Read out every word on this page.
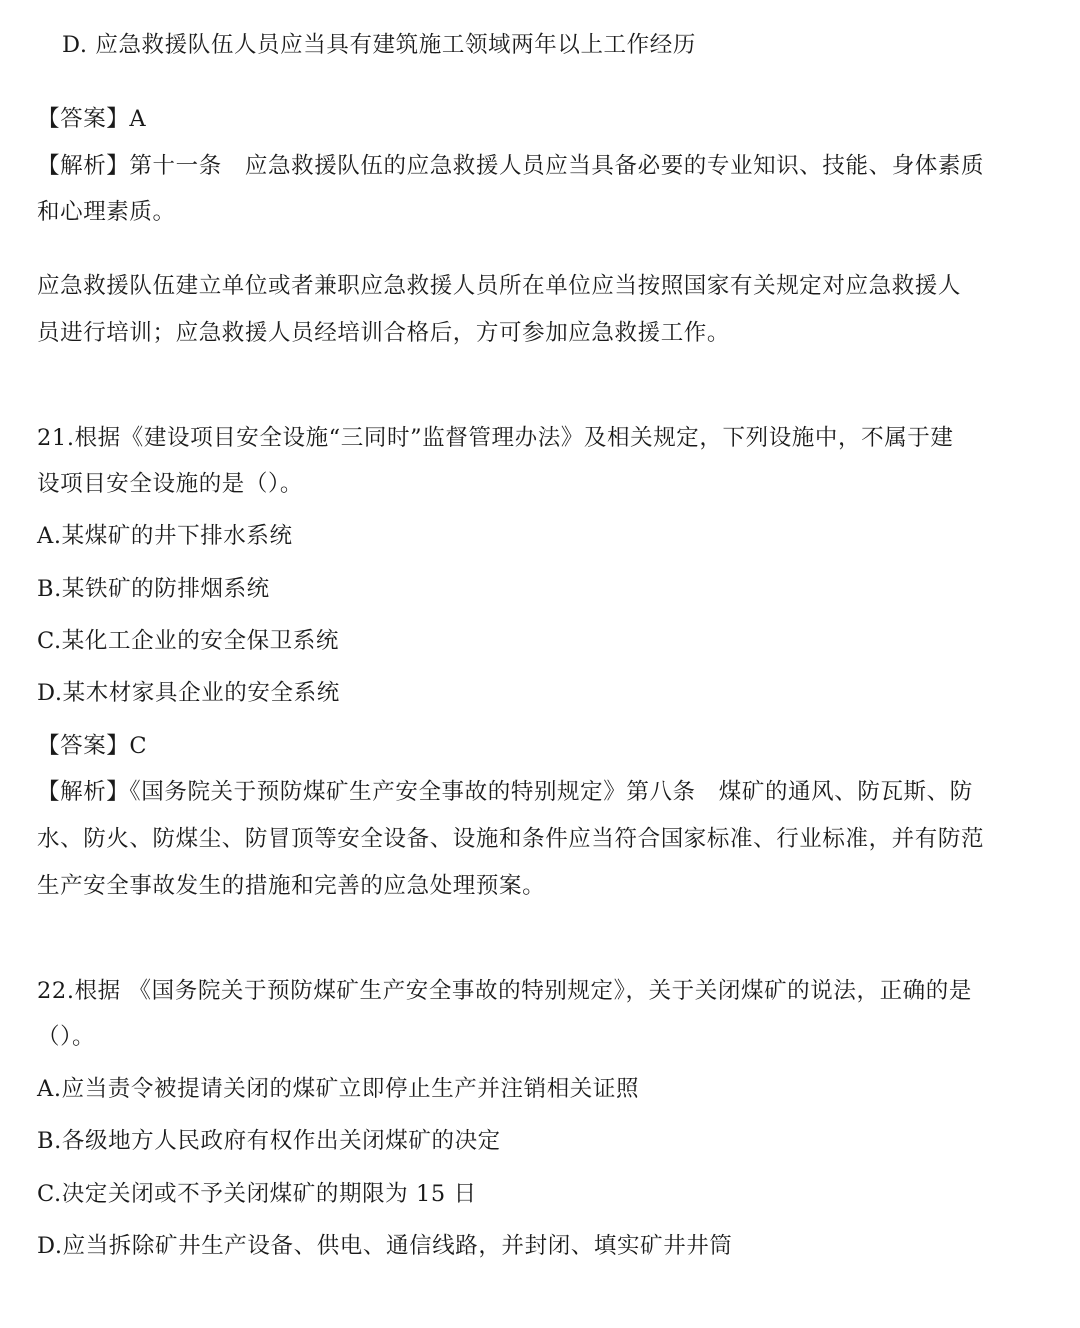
D. 应急救援队伍人员应当具有建筑施工领域两年以上工作经历
【答案】A
【解析】第十一条　应急救援队伍的应急救援人员应当具备必要的专业知识、技能、身体素质
和心理素质。
应急救援队伍建立单位或者兼职应急救援人员所在单位应当按照国家有关规定对应急救援人
员进行培训；应急救援人员经培训合格后，方可参加应急救援工作。
21.根据《建设项目安全设施“三同时”监督管理办法》及相关规定，下列设施中，不属于建
设项目安全设施的是（）。
A.某煤矿的井下排水系统
B.某铁矿的防排烟系统
C.某化工企业的安全保卫系统
D.某木材家具企业的安全系统
【答案】C
【解析】《国务院关于预防煤矿生产安全事故的特别规定》第八条　煤矿的通风、防瓦斯、防
水、防火、防煤尘、防冒顶等安全设备、设施和条件应当符合国家标准、行业标准，并有防范
生产安全事故发生的措施和完善的应急处理预案。
22.根据 《国务院关于预防煤矿生产安全事故的特别规定》，关于关闭煤矿的说法，正确的是
（）。
A.应当责令被提请关闭的煤矿立即停止生产并注销相关证照
B.各级地方人民政府有权作出关闭煤矿的决定
C.决定关闭或不予关闭煤矿的期限为 15 日
D.应当拆除矿井生产设备、供电、通信线路，并封闭、填实矿井井筒
